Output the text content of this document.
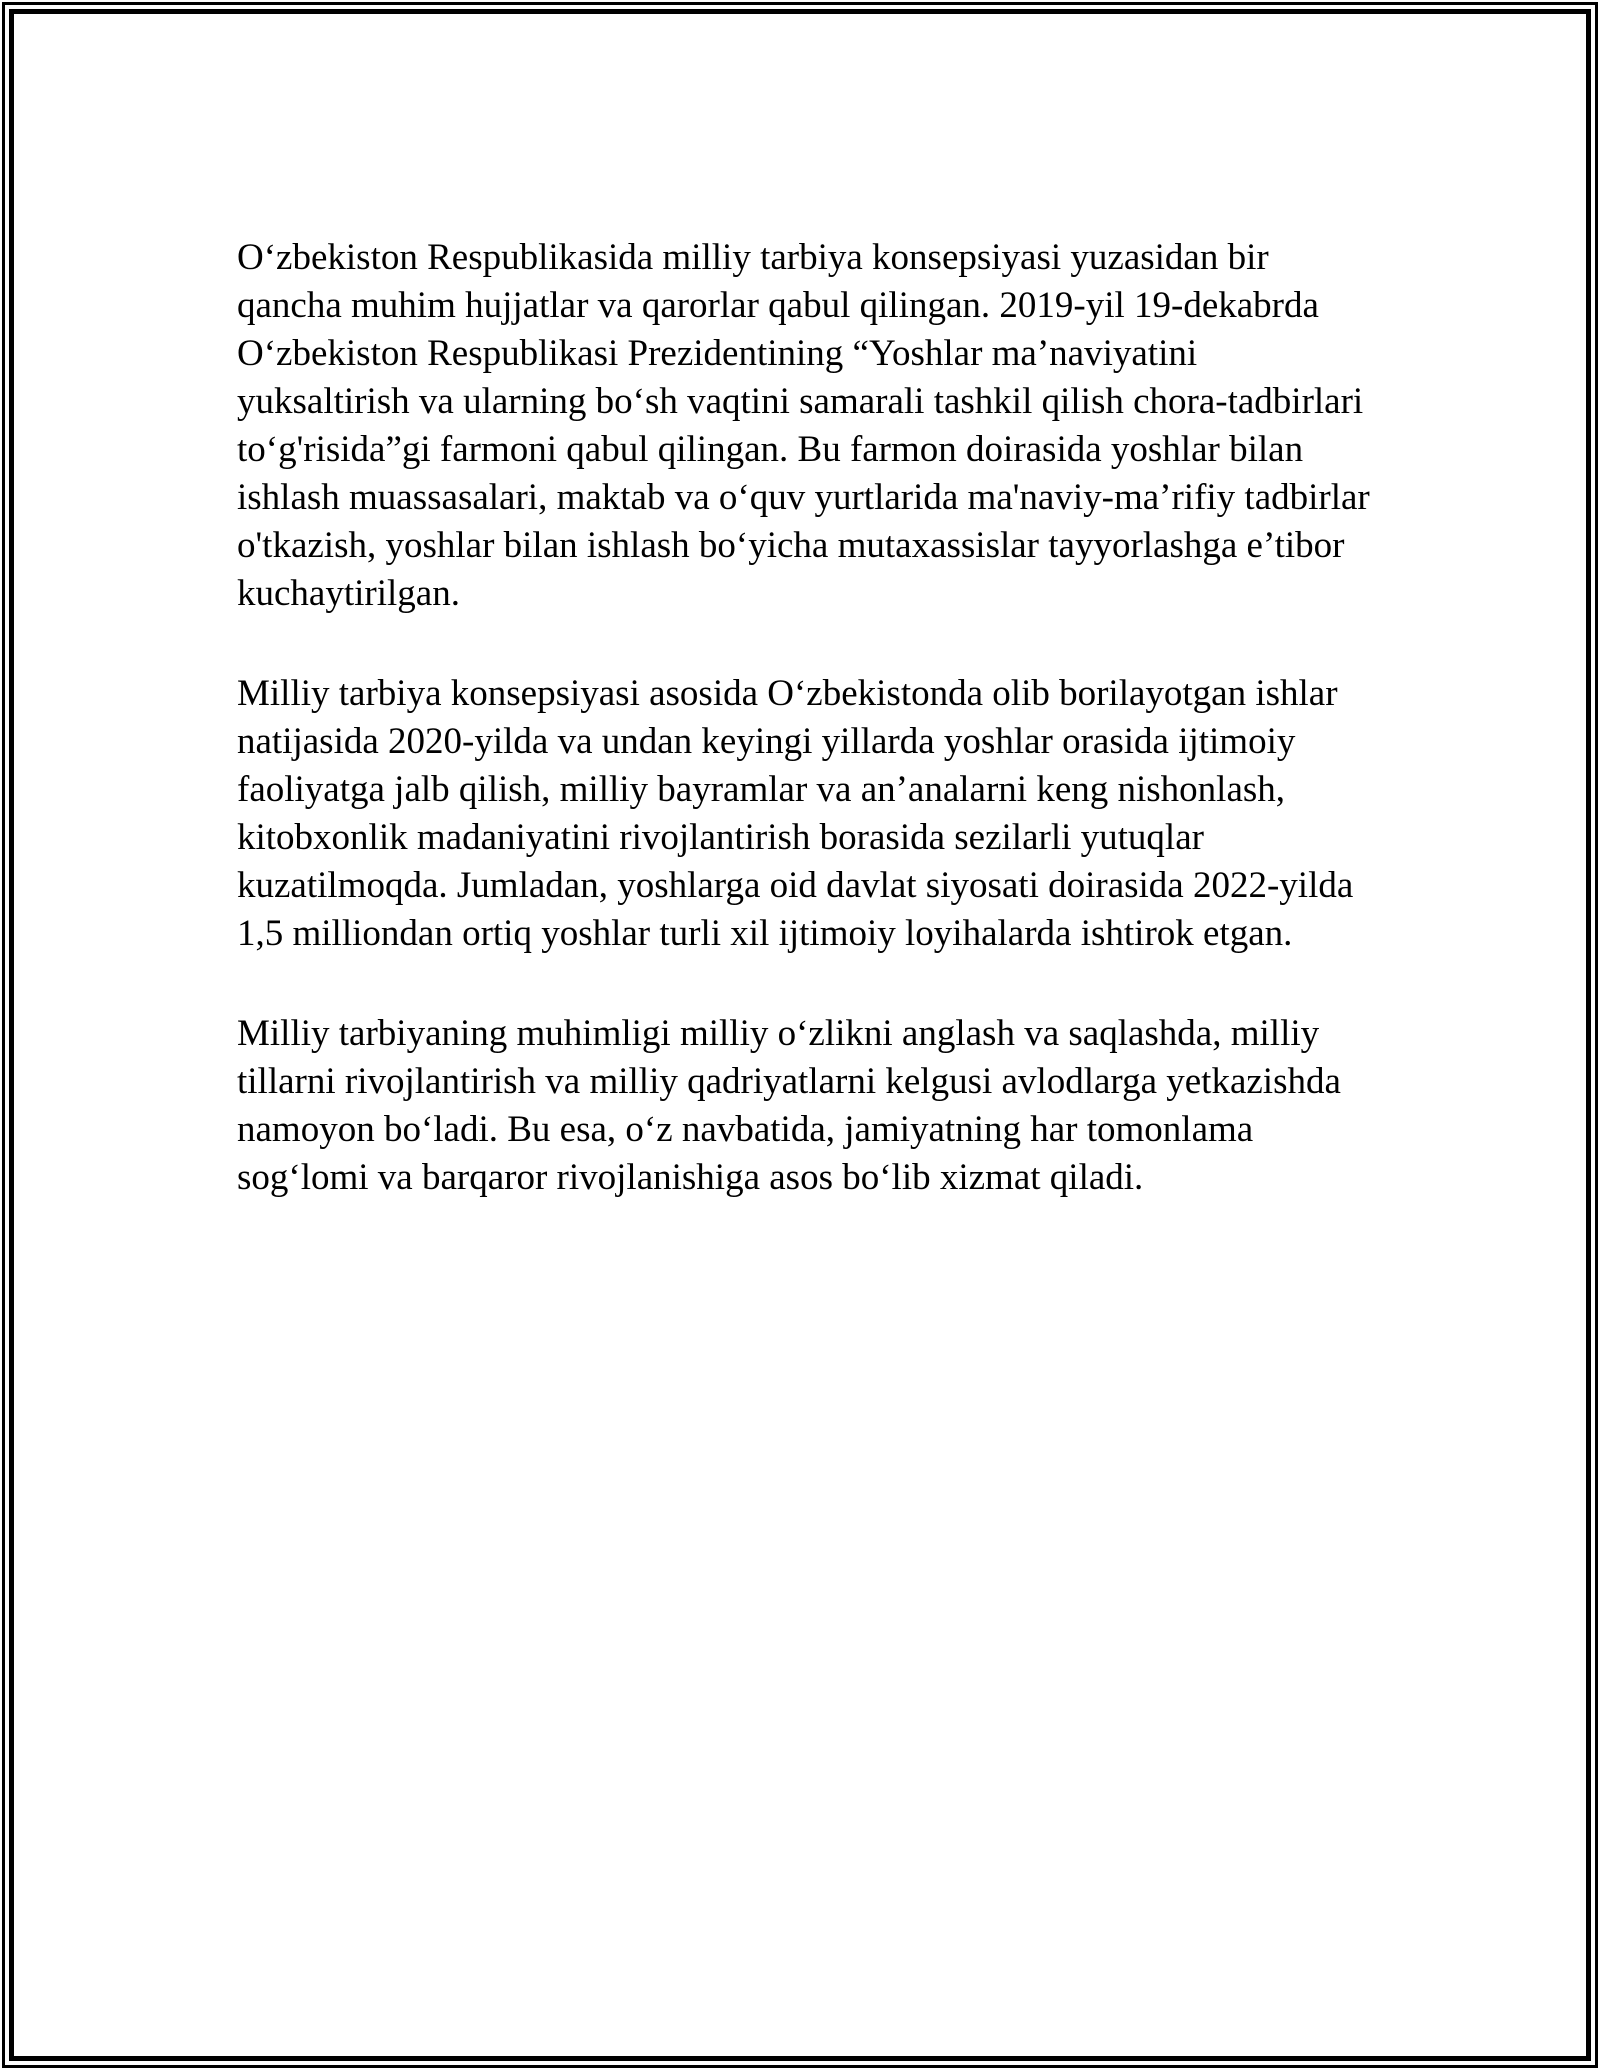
O‘zbekiston Respublikasida milliy tarbiya konsepsiyasi yuzasidan bir
qancha muhim hujjatlar va qarorlar qabul qilingan. 2019-yil 19-dekabrda
O‘zbekiston Respublikasi Prezidentining “Yoshlar ma’naviyatini
yuksaltirish va ularning bo‘sh vaqtini samarali tashkil qilish chora-tadbirlari
to‘g'risida”gi farmoni qabul qilingan. Bu farmon doirasida yoshlar bilan
ishlash muassasalari, maktab va o‘quv yurtlarida ma'naviy-ma’rifiy tadbirlar
o'tkazish, yoshlar bilan ishlash bo‘yicha mutaxassislar tayyorlashga e’tibor
kuchaytirilgan.

Milliy tarbiya konsepsiyasi asosida O‘zbekistonda olib borilayotgan ishlar
natijasida 2020-yilda va undan keyingi yillarda yoshlar orasida ijtimoiy
faoliyatga jalb qilish, milliy bayramlar va an’analarni keng nishonlash,
kitobxonlik madaniyatini rivojlantirish borasida sezilarli yutuqlar
kuzatilmoqda. Jumladan, yoshlarga oid davlat siyosati doirasida 2022-yilda
1,5 milliondan ortiq yoshlar turli xil ijtimoiy loyihalarda ishtirok etgan.

Milliy tarbiyaning muhimligi milliy o‘zlikni anglash va saqlashda, milliy
tillarni rivojlantirish va milliy qadriyatlarni kelgusi avlodlarga yetkazishda
namoyon bo‘ladi. Bu esa, o‘z navbatida, jamiyatning har tomonlama
sog‘lomi va barqaror rivojlanishiga asos bo‘lib xizmat qiladi.
